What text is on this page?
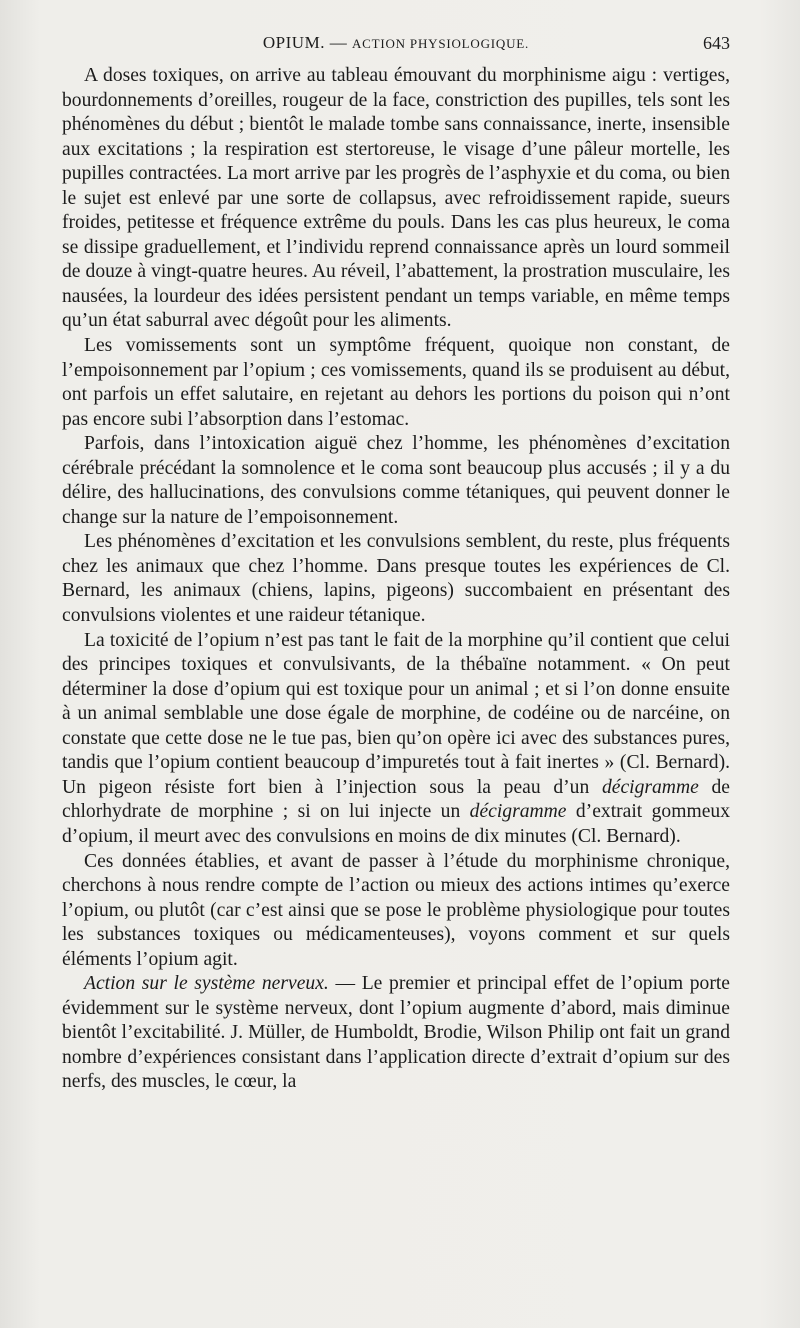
OPIUM. — ACTION PHYSIOLOGIQUE.	643

A doses toxiques, on arrive au tableau émouvant du morphinisme aigu : vertiges, bourdonnements d’oreilles, rougeur de la face, constriction des pupilles, tels sont les phénomènes du début ; bientôt le malade tombe sans connaissance, inerte, insensible aux excitations ; la respiration est stertoreuse, le visage d’une pâleur mortelle, les pupilles contractées. La mort arrive par les progrès de l’asphyxie et du coma, ou bien le sujet est enlevé par une sorte de collapsus, avec refroidissement rapide, sueurs froides, petitesse et fréquence extrême du pouls. Dans les cas plus heureux, le coma se dissipe graduellement, et l’individu reprend connaissance après un lourd sommeil de douze à vingt-quatre heures. Au réveil, l’abattement, la prostration musculaire, les nausées, la lourdeur des idées persistent pendant un temps variable, en même temps qu’un état saburral avec dégoût pour les aliments.

Les vomissements sont un symptôme fréquent, quoique non constant, de l’empoisonnement par l’opium ; ces vomissements, quand ils se produisent au début, ont parfois un effet salutaire, en rejetant au dehors les portions du poison qui n’ont pas encore subi l’absorption dans l’estomac.

Parfois, dans l’intoxication aiguë chez l’homme, les phénomènes d’excitation cérébrale précédant la somnolence et le coma sont beaucoup plus accusés ; il y a du délire, des hallucinations, des convulsions comme tétaniques, qui peuvent donner le change sur la nature de l’empoisonnement.

Les phénomènes d’excitation et les convulsions semblent, du reste, plus fréquents chez les animaux que chez l’homme. Dans presque toutes les expériences de Cl. Bernard, les animaux (chiens, lapins, pigeons) succombaient en présentant des convulsions violentes et une raideur tétanique.

La toxicité de l’opium n’est pas tant le fait de la morphine qu’il contient que celui des principes toxiques et convulsivants, de la thébaïne notamment. « On peut déterminer la dose d’opium qui est toxique pour un animal ; et si l’on donne ensuite à un animal semblable une dose égale de morphine, de codéine ou de narcéine, on constate que cette dose ne le tue pas, bien qu’on opère ici avec des substances pures, tandis que l’opium contient beaucoup d’impuretés tout à fait inertes » (Cl. Bernard). Un pigeon résiste fort bien à l’injection sous la peau d’un décigramme de chlorhydrate de morphine ; si on lui injecte un décigramme d’extrait gommeux d’opium, il meurt avec des convulsions en moins de dix minutes (Cl. Bernard).

Ces données établies, et avant de passer à l’étude du morphinisme chronique, cherchons à nous rendre compte de l’action ou mieux des actions intimes qu’exerce l’opium, ou plutôt (car c’est ainsi que se pose le problème physiologique pour toutes les substances toxiques ou médicamenteuses), voyons comment et sur quels éléments l’opium agit.

Action sur le système nerveux. — Le premier et principal effet de l’opium porte évidemment sur le système nerveux, dont l’opium augmente d’abord, mais diminue bientôt l’excitabilité. J. Müller, de Humboldt, Brodie, Wilson Philip ont fait un grand nombre d’expériences consistant dans l’application directe d’extrait d’opium sur des nerfs, des muscles, le cœur, la
